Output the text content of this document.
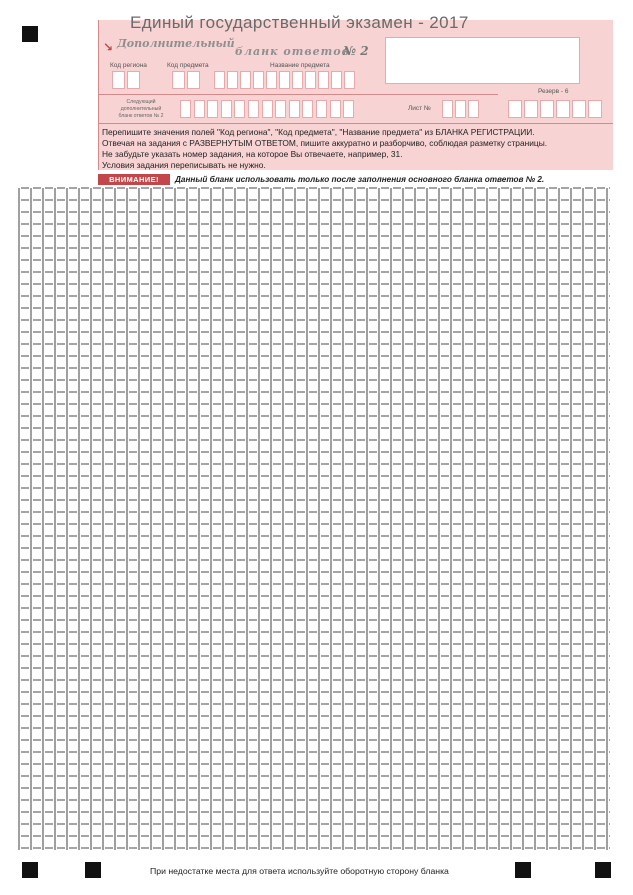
Единый государственный экзамен - 2017
↘ Дополнительный
бланк ответов
№ 2
Код региона	Код предмета	Название предмета
Резерв - 6
Следующий
дополнительный
бланк ответов № 2
Лист №
Перепишите значения полей "Код региона", "Код предмета", "Название предмета" из БЛАНКА РЕГИСТРАЦИИ.
Отвечая на задания с РАЗВЕРНУТЫМ ОТВЕТОМ, пишите аккуратно и разборчиво, соблюдая разметку страницы.
Не забудьте указать номер задания, на которое Вы отвечаете, например, 31.
Условия задания переписывать не нужно.
ВНИМАНИЕ!	Данный бланк использовать только после заполнения основного бланка ответов № 2.
При недостатке места для ответа используйте оборотную сторону бланка
